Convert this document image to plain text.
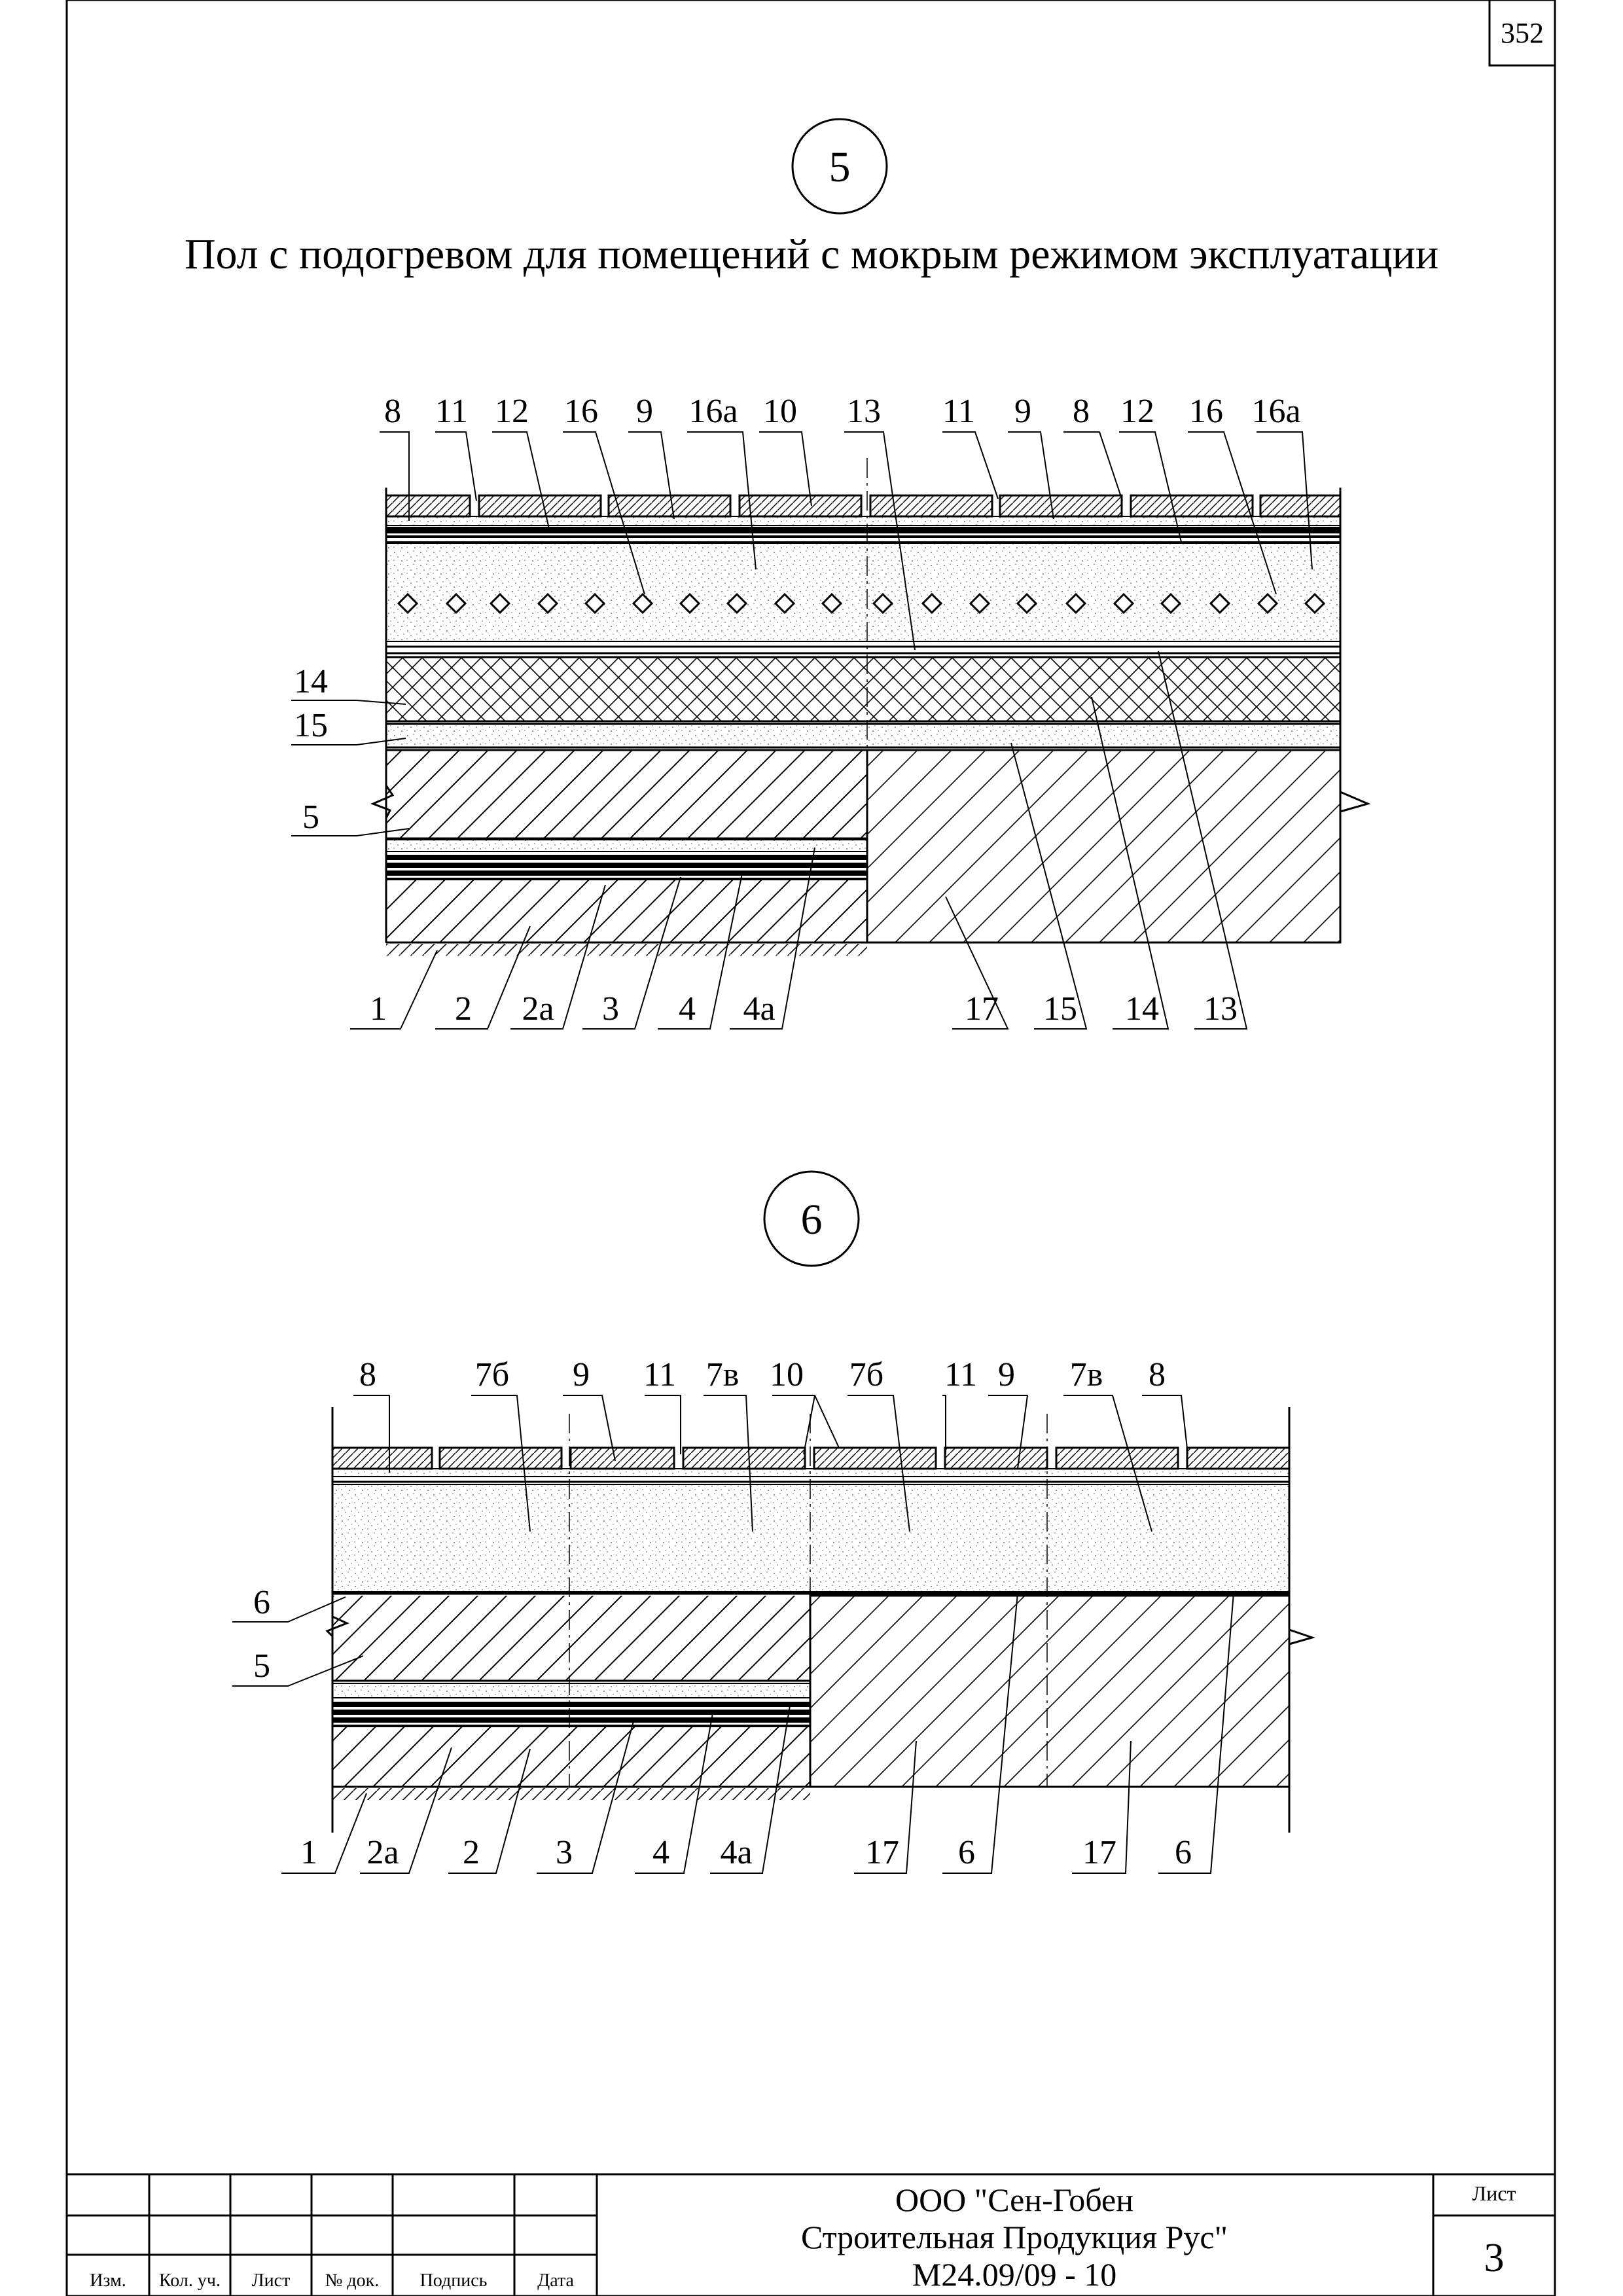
352
5
Пол с подогревом для помещений с мокрым режимом эксплуатации
8 11 12 16 9 16а 10 13 11 9 8 12 16 16а
14
15
5
1 2 2а 3 4 4а	17 15 14 13
6
8	7б 9 11 7в 10 7б 11 9 7в 8
6
5
1 2а 2 3 4 4а	17 6	17 6
Изм. Кол. уч. Лист № док. Подпись	Дата
ООО "Сен-Гобен
Строительная Продукция Рус"
М24.09/09 - 10
Лист
3
